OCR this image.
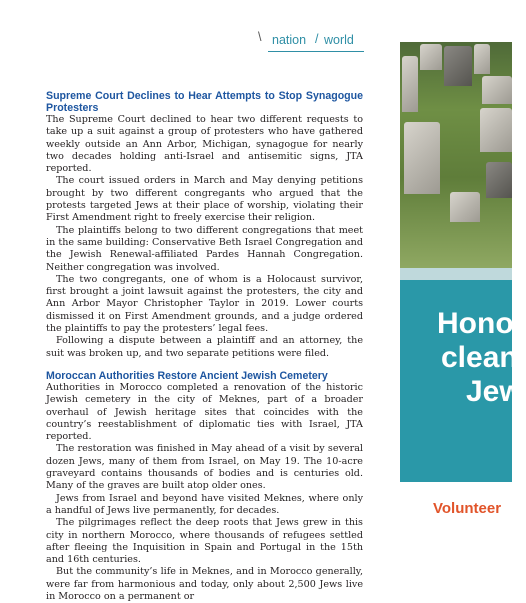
\ nation / world
Supreme Court Declines to Hear Attempts to Stop Synagogue Protesters

The Supreme Court declined to hear two different requests to take up a suit against a group of protesters who have gathered weekly outside an Ann Arbor, Michigan, synagogue for nearly two decades holding anti-Israel and antisemitic signs, JTA reported.

The court issued orders in March and May denying petitions brought by two different congregants who argued that the protests targeted Jews at their place of worship, violating their First Amendment right to freely exercise their religion.

The plaintiffs belong to two different congregations that meet in the same building: Conservative Beth Israel Congregation and the Jewish Renewal-affiliated Pardes Hannah Congregation. Neither congregation was involved.

The two congregants, one of whom is a Holocaust survivor, first brought a joint lawsuit against the protesters, the city and Ann Arbor Mayor Christopher Taylor in 2019. Lower courts dismissed it on First Amendment grounds, and a judge ordered the plaintiffs to pay the protesters’ legal fees.

Following a dispute between a plaintiff and an attorney, the suit was broken up, and two separate petitions were filed.

Moroccan Authorities Restore Ancient Jewish Cemetery

Authorities in Morocco completed a renovation of the historic Jewish cemetery in the city of Meknes, part of a broader overhaul of Jewish heritage sites that coincides with the country’s reestablishment of diplomatic ties with Israel, JTA reported.

The restoration was finished in May ahead of a visit by several dozen Jews, many of them from Israel, on May 19. The 10-acre graveyard contains thousands of bodies and is centuries old. Many of the graves are built atop older ones.

Jews from Israel and beyond have visited Meknes, where only a handful of Jews live permanently, for decades.

The pilgrimages reflect the deep roots that Jews grew in this city in northern Morocco, where thousands of refugees settled after fleeing the Inquisition in Spain and Portugal in the 15th and 16th centuries.

But the community’s life in Meknes, and in Morocco generally, were far from harmonious and today, only about 2,500 Jews live in Morocco on a permanent or

Honor
cleani
Jew
Volunteer
